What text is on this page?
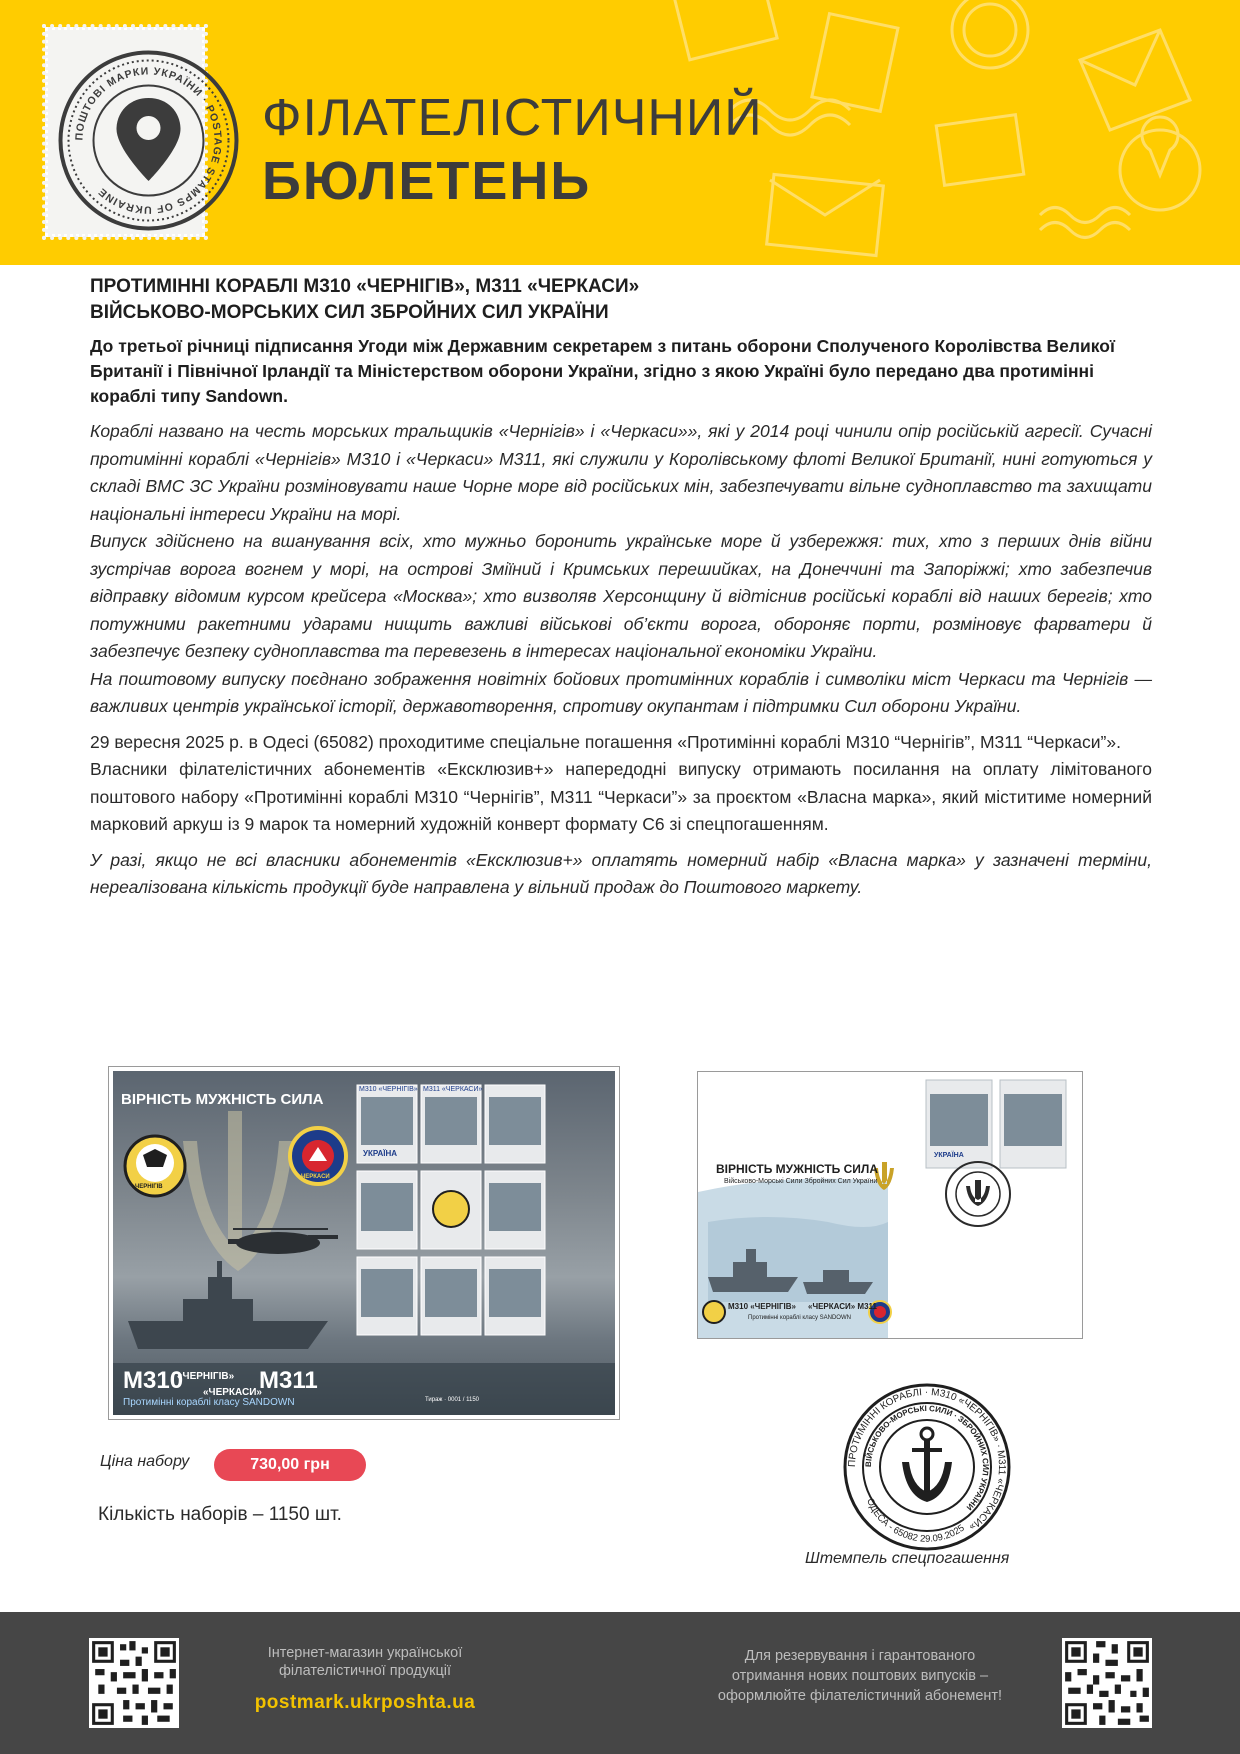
ПОШТОВІ МАРКИ УКРАЇНИ · POSTAGE STAMPS OF UKRAINE
ФІЛАТЕЛІСТИЧНИЙ
БЮЛЕТЕНЬ
ПРОТИМІННІ КОРАБЛІ М310 «ЧЕРНІГІВ», М311 «ЧЕРКАСИ»
ВІЙСЬКОВО-МОРСЬКИХ СИЛ ЗБРОЙНИХ СИЛ УКРАЇНИ

До третьої річниці підписання Угоди між Державним секретарем з питань оборони Сполученого Королівства Великої Британії і Північної Ірландії та Міністерством оборони України, згідно з якою Україні було передано два протимінні кораблі типу Sandown.

Кораблі названо на честь морських тральщиків «Чернігів» і «Черкаси»», які у 2014 році чинили опір російській агресії. Сучасні протимінні кораблі «Чернігів» М310 і «Черкаси» М311, які служили у Королівському флоті Великої Британії, нині готуються у складі ВМС ЗС України розміновувати наше Чорне море від російських мін, забезпечувати вільне судноплавство та захищати національні інтереси України на морі.

Випуск здійснено на вшанування всіх, хто мужньо боронить українське море й узбережжя: тих, хто з перших днів війни зустрічав ворога вогнем у морі, на острові Зміїний і Кримських перешийках, на Донеччині та Запоріжжі; хто забезпечив відправку відомим курсом крейсера «Москва»; хто визволяв Херсонщину й відтіснив російські кораблі від наших берегів; хто потужними ракетними ударами нищить важливі військові об’єкти ворога, обороняє порти, розміновує фарватери й забезпечує безпеку судноплавства та перевезень в інтересах національної економіки України.

На поштовому випуску поєднано зображення новітніх бойових протимінних кораблів і символіки міст Черкаси та Чернігів — важливих центрів української історії, державотворення, спротиву окупантам і підтримки Сил оборони України.

29 вересня 2025 р. в Одесі (65082) проходитиме спеціальне погашення «Протимінні кораблі М310 “Чернігів”, М311 “Черкаси”».

Власники філателістичних абонементів «Ексклюзив+» напередодні випуску отримають посилання на оплату лімітованого поштового набору «Протимінні кораблі М310 “Чернігів”, М311 “Черкаси”» за проєктом «Власна марка», який міститиме номерний марковий аркуш із 9 марок та номерний художній конверт формату С6 зі спецпогашенням.

У разі, якщо не всі власники абонементів «Ексклюзив+» оплатять номерний набір «Власна марка» у зазначені терміни, нереалізована кількість продукції буде направлена у вільний продаж до Поштового маркету.

ВІРНІСТЬ МУЖНІСТЬ СИЛА
М310 «ЧЕРНІГІВ» М311 «ЧЕРКАСИ»
УКРАЇНА
ЧЕРНІГІВ
ЧЕРКАСИ
М310
«ЧЕРНІГІВ»
«ЧЕРКАСИ»
М311
Протимінні кораблі класу SANDOWN	Тираж · 0001 / 1150
ВІРНІСТЬ МУЖНІСТЬ СИЛА
Військово-Морські Сили Збройних Сил України
М310 «ЧЕРНІГІВ» «ЧЕРКАСИ» М311
Протимінні кораблі класу SANDOWN
УКРАЇНА
Ціна набору	730,00 грн
Кількість наборів – 1150 шт.
ПРОТИМІННІ КОРАБЛІ · М310 «ЧЕРНІГІВ» · М311 «ЧЕРКАСИ»
ВІЙСЬКОВО-МОРСЬКІ СИЛИ · ЗБРОЙНИХ СИЛ УКРАЇНИ
ОДЕСА - 65082 29.09.2025
Штемпель спецпогашення
Інтернет-магазин української
філателістичної продукції
postmark.ukrposhta.ua
Для резервування і гарантованого
отримання нових поштових випусків –
оформлюйте філателістичний абонемент!
